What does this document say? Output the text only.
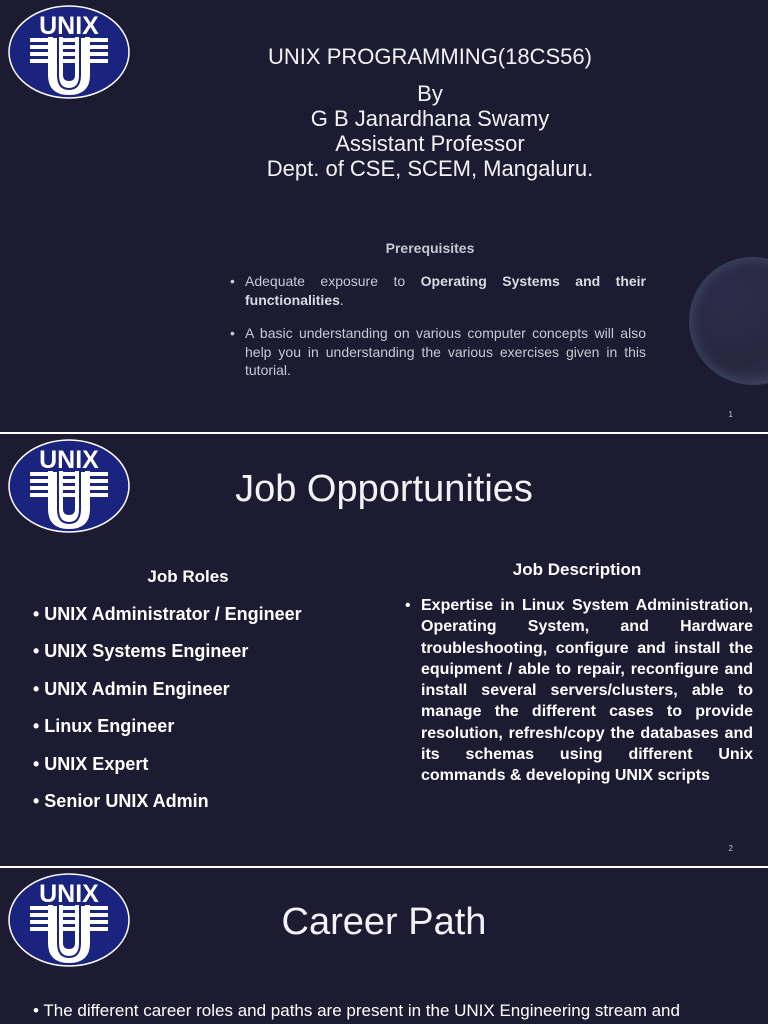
UNIX
UNIX PROGRAMMING(18CS56)
By
G B Janardhana Swamy
Assistant Professor
Dept. of CSE, SCEM, Mangaluru.
Prerequisites
• Adequate exposure to Operating Systems and their functionalities.
• A basic understanding on various computer concepts will also help you in understanding the various exercises given in this tutorial.
1
UNIX
Job Opportunities
Job Roles
• UNIX Administrator / Engineer
• UNIX Systems Engineer
• UNIX Admin Engineer
• Linux Engineer
• UNIX Expert
• Senior UNIX Admin
Job Description
• Expertise in Linux System Administration, Operating System, and Hardware troubleshooting, configure and install the equipment / able to repair, reconfigure and install several servers/clusters, able to manage the different cases to provide resolution, refresh/copy the databases and its schemas using different Unix commands & developing UNIX scripts
2
UNIX
Career Path
• The different career roles and paths are present in the UNIX Engineering stream and
